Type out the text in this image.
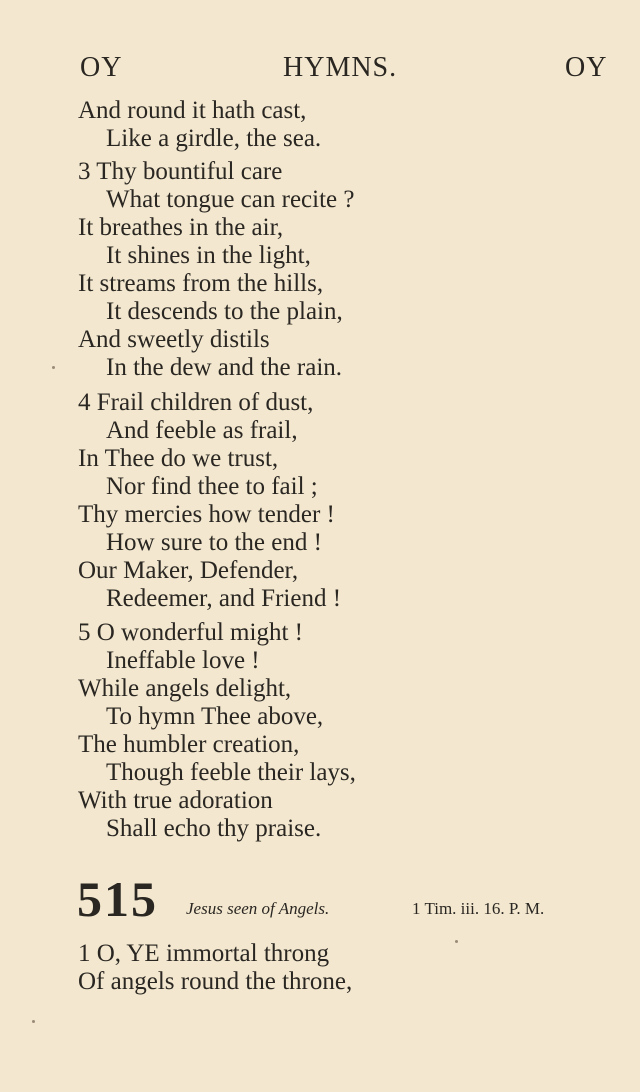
OY	HYMNS.	OY
And round it hath cast,
Like a girdle, the sea.
3 Thy bountiful care
What tongue can recite ?
It breathes in the air,
It shines in the light,
It streams from the hills,
It descends to the plain,
And sweetly distils
In the dew and the rain.
4 Frail children of dust,
And feeble as frail,
In Thee do we trust,
Nor find thee to fail ;
Thy mercies how tender !
How sure to the end !
Our Maker, Defender,
Redeemer, and Friend !
5 O wonderful might !
Ineffable love !
While angels delight,
To hymn Thee above,
The humbler creation,
Though feeble their lays,
With true adoration
Shall echo thy praise.
515 Jesus seen of Angels.	1 Tim. iii. 16. P. M.
1 O, YE immortal throng
Of angels round the throne,
